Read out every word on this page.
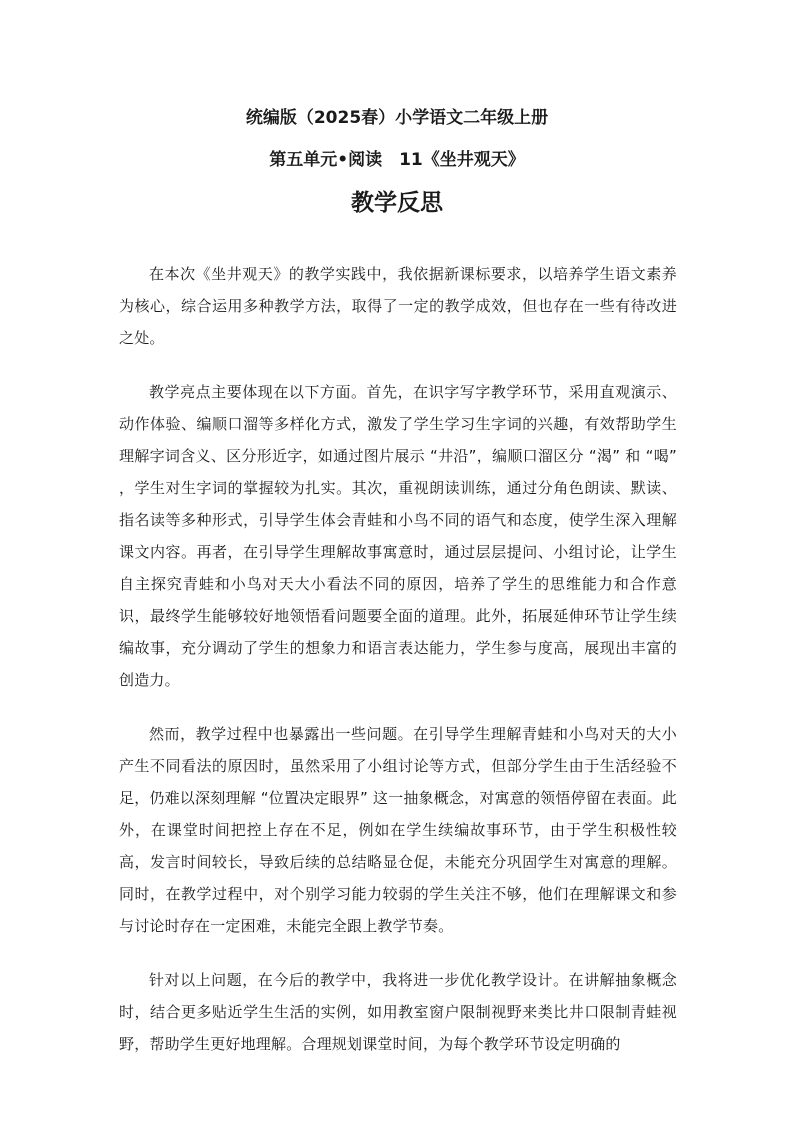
统编版（2025春）小学语文二年级上册
第五单元•阅读　11《坐井观天》
教学反思

在本次《坐井观天》的教学实践中，我依据新课标要求，以培养学生语文素养为核心，综合运用多种教学方法，取得了一定的教学成效，但也存在一些有待改进之处。

教学亮点主要体现在以下方面。首先，在识字写字教学环节，采用直观演示、动作体验、编顺口溜等多样化方式，激发了学生学习生字词的兴趣，有效帮助学生理解字词含义、区分形近字，如通过图片展示 “井沿”，编顺口溜区分 “渴” 和 “喝” ，学生对生字词的掌握较为扎实。其次，重视朗读训练，通过分角色朗读、默读、指名读等多种形式，引导学生体会青蛙和小鸟不同的语气和态度，使学生深入理解课文内容。再者，在引导学生理解故事寓意时，通过层层提问、小组讨论，让学生自主探究青蛙和小鸟对天大小看法不同的原因，培养了学生的思维能力和合作意识，最终学生能够较好地领悟看问题要全面的道理。此外，拓展延伸环节让学生续编故事，充分调动了学生的想象力和语言表达能力，学生参与度高，展现出丰富的创造力。

然而，教学过程中也暴露出一些问题。在引导学生理解青蛙和小鸟对天的大小产生不同看法的原因时，虽然采用了小组讨论等方式，但部分学生由于生活经验不足，仍难以深刻理解 “位置决定眼界” 这一抽象概念，对寓意的领悟停留在表面。此外，在课堂时间把控上存在不足，例如在学生续编故事环节，由于学生积极性较高，发言时间较长，导致后续的总结略显仓促，未能充分巩固学生对寓意的理解。同时，在教学过程中，对个别学习能力较弱的学生关注不够，他们在理解课文和参与讨论时存在一定困难，未能完全跟上教学节奏。

针对以上问题，在今后的教学中，我将进一步优化教学设计。在讲解抽象概念时，结合更多贴近学生生活的实例，如用教室窗户限制视野来类比井口限制青蛙视野，帮助学生更好地理解。合理规划课堂时间，为每个教学环节设定明确的
